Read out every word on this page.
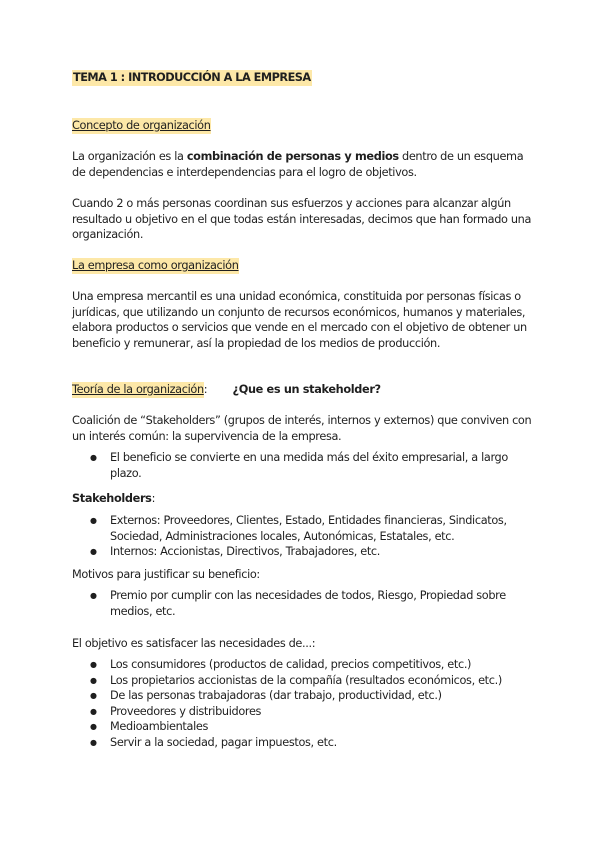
TEMA 1 : INTRODUCCIÓN A LA EMPRESA
Concepto de organización

La organización es la combinación de personas y medios dentro de un esquema de dependencias e interdependencias para el logro de objetivos.

Cuando 2 o más personas coordinan sus esfuerzos y acciones para alcanzar algún resultado u objetivo en el que todas están interesadas, decimos que han formado una organización.

La empresa como organización

Una empresa mercantil es una unidad económica, constituida por personas físicas o jurídicas, que utilizando un conjunto de recursos económicos, humanos y materiales, elabora productos o servicios que vende en el mercado con el objetivo de obtener un beneficio y remunerar, así la propiedad de los medios de producción.

Teoría de la organización: ¿Que es un stakeholder?

Coalición de “Stakeholders” (grupos de interés, internos y externos) que conviven con un interés común: la supervivencia de la empresa.

● El beneficio se convierte en una medida más del éxito empresarial, a largo plazo.
Stakeholders:
● Externos: Proveedores, Clientes, Estado, Entidades financieras, Sindicatos, Sociedad, Administraciones locales, Autonómicas, Estatales, etc.
● Internos: Accionistas, Directivos, Trabajadores, etc.

Motivos para justificar su beneficio:

● Premio por cumplir con las necesidades de todos, Riesgo, Propiedad sobre medios, etc.

El objetivo es satisfacer las necesidades de...:

● Los consumidores (productos de calidad, precios competitivos, etc.)
● Los propietarios accionistas de la compañía (resultados económicos, etc.)
● De las personas trabajadoras (dar trabajo, productividad, etc.)
● Proveedores y distribuidores
● Medioambientales
● Servir a la sociedad, pagar impuestos, etc.
